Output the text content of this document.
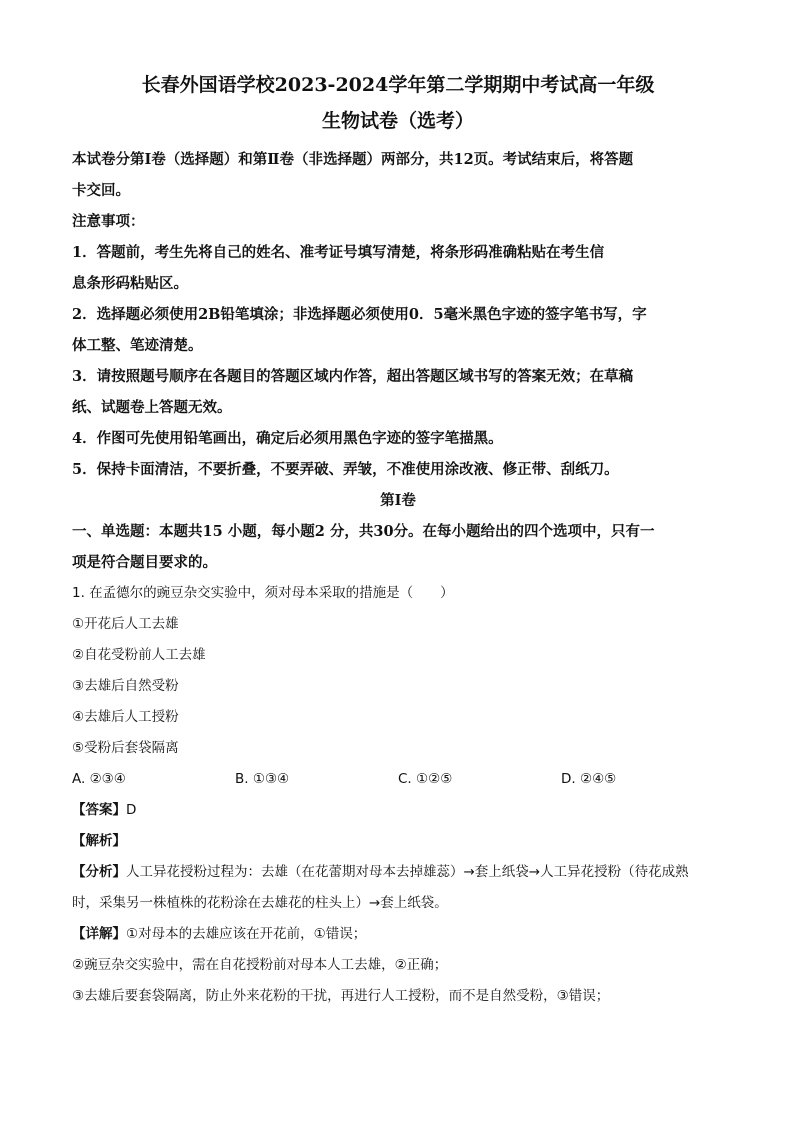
长春外国语学校2023-2024学年第二学期期中考试高一年级
生物试卷（选考）

本试卷分第Ⅰ卷（选择题）和第Ⅱ卷（非选择题）两部分，共12页。考试结束后，将答题

卡交回。

注意事项：

1．答题前，考生先将自己的姓名、准考证号填写清楚，将条形码准确粘贴在考生信

息条形码粘贴区。

2．选择题必须使用2B铅笔填涂；非选择题必须使用0．5毫米黑色字迹的签字笔书写，字

体工整、笔迹清楚。

3．请按照题号顺序在各题目的答题区域内作答，超出答题区域书写的答案无效；在草稿

纸、试题卷上答题无效。

4．作图可先使用铅笔画出，确定后必须用黑色字迹的签字笔描黑。

5．保持卡面清洁，不要折叠，不要弄破、弄皱，不准使用涂改液、修正带、刮纸刀。

第Ⅰ卷

一、单选题：本题共15 小题，每小题2 分，共30分。在每小题给出的四个选项中，只有一

项是符合题目要求的。

1. 在孟德尔的豌豆杂交实验中，须对母本采取的措施是（　　）

①开花后人工去雄

②自花受粉前人工去雄

③去雄后自然受粉

④去雄后人工授粉

⑤受粉后套袋隔离

A. ②③④	B. ①③④	C. ①②⑤	D. ②④⑤

【答案】D

【解析】

【分析】人工异花授粉过程为：去雄（在花蕾期对母本去掉雄蕊）→套上纸袋→人工异花授粉（待花成熟

时，采集另一株植株的花粉涂在去雄花的柱头上）→套上纸袋。

【详解】①对母本的去雄应该在开花前，①错误；

②豌豆杂交实验中，需在自花授粉前对母本人工去雄，②正确；

③去雄后要套袋隔离，防止外来花粉的干扰，再进行人工授粉，而不是自然受粉，③错误；
